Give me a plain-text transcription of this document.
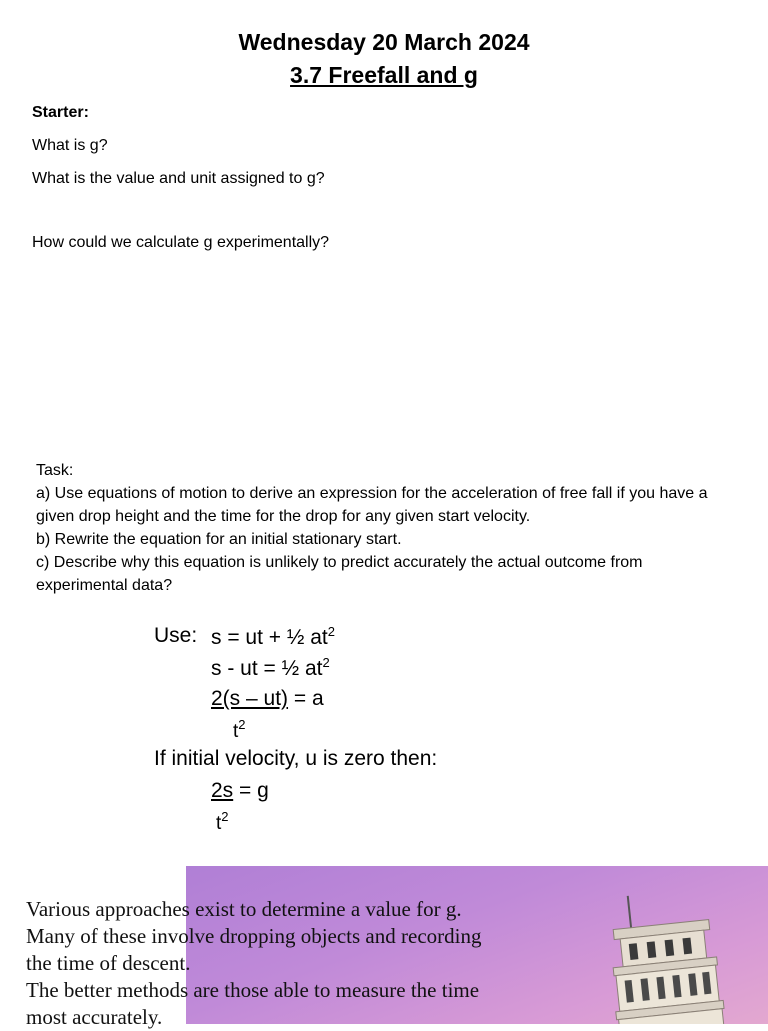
Wednesday 20 March 2024
3.7 Freefall and g
Starter:
What is g?
What is the value and unit assigned to g?
How could we calculate g experimentally?
Task:
a) Use equations of motion to derive an expression for the acceleration of free fall if you have a given drop height and the time for the drop for any given start velocity.
b) Rewrite the equation for an initial stationary start.
c) Describe why this equation is unlikely to predict accurately the actual outcome from experimental data?
Use: s = ut + ½ $at^2$
s - ut = ½ $at^2$
2(s – ut) = a
$t^2$
If initial velocity, u is zero then:
2s = g
$t^2$
Various approaches exist to determine a value for g.
Many of these involve dropping objects and recording
the time of descent.
The better methods are those able to measure the time
most accurately.
